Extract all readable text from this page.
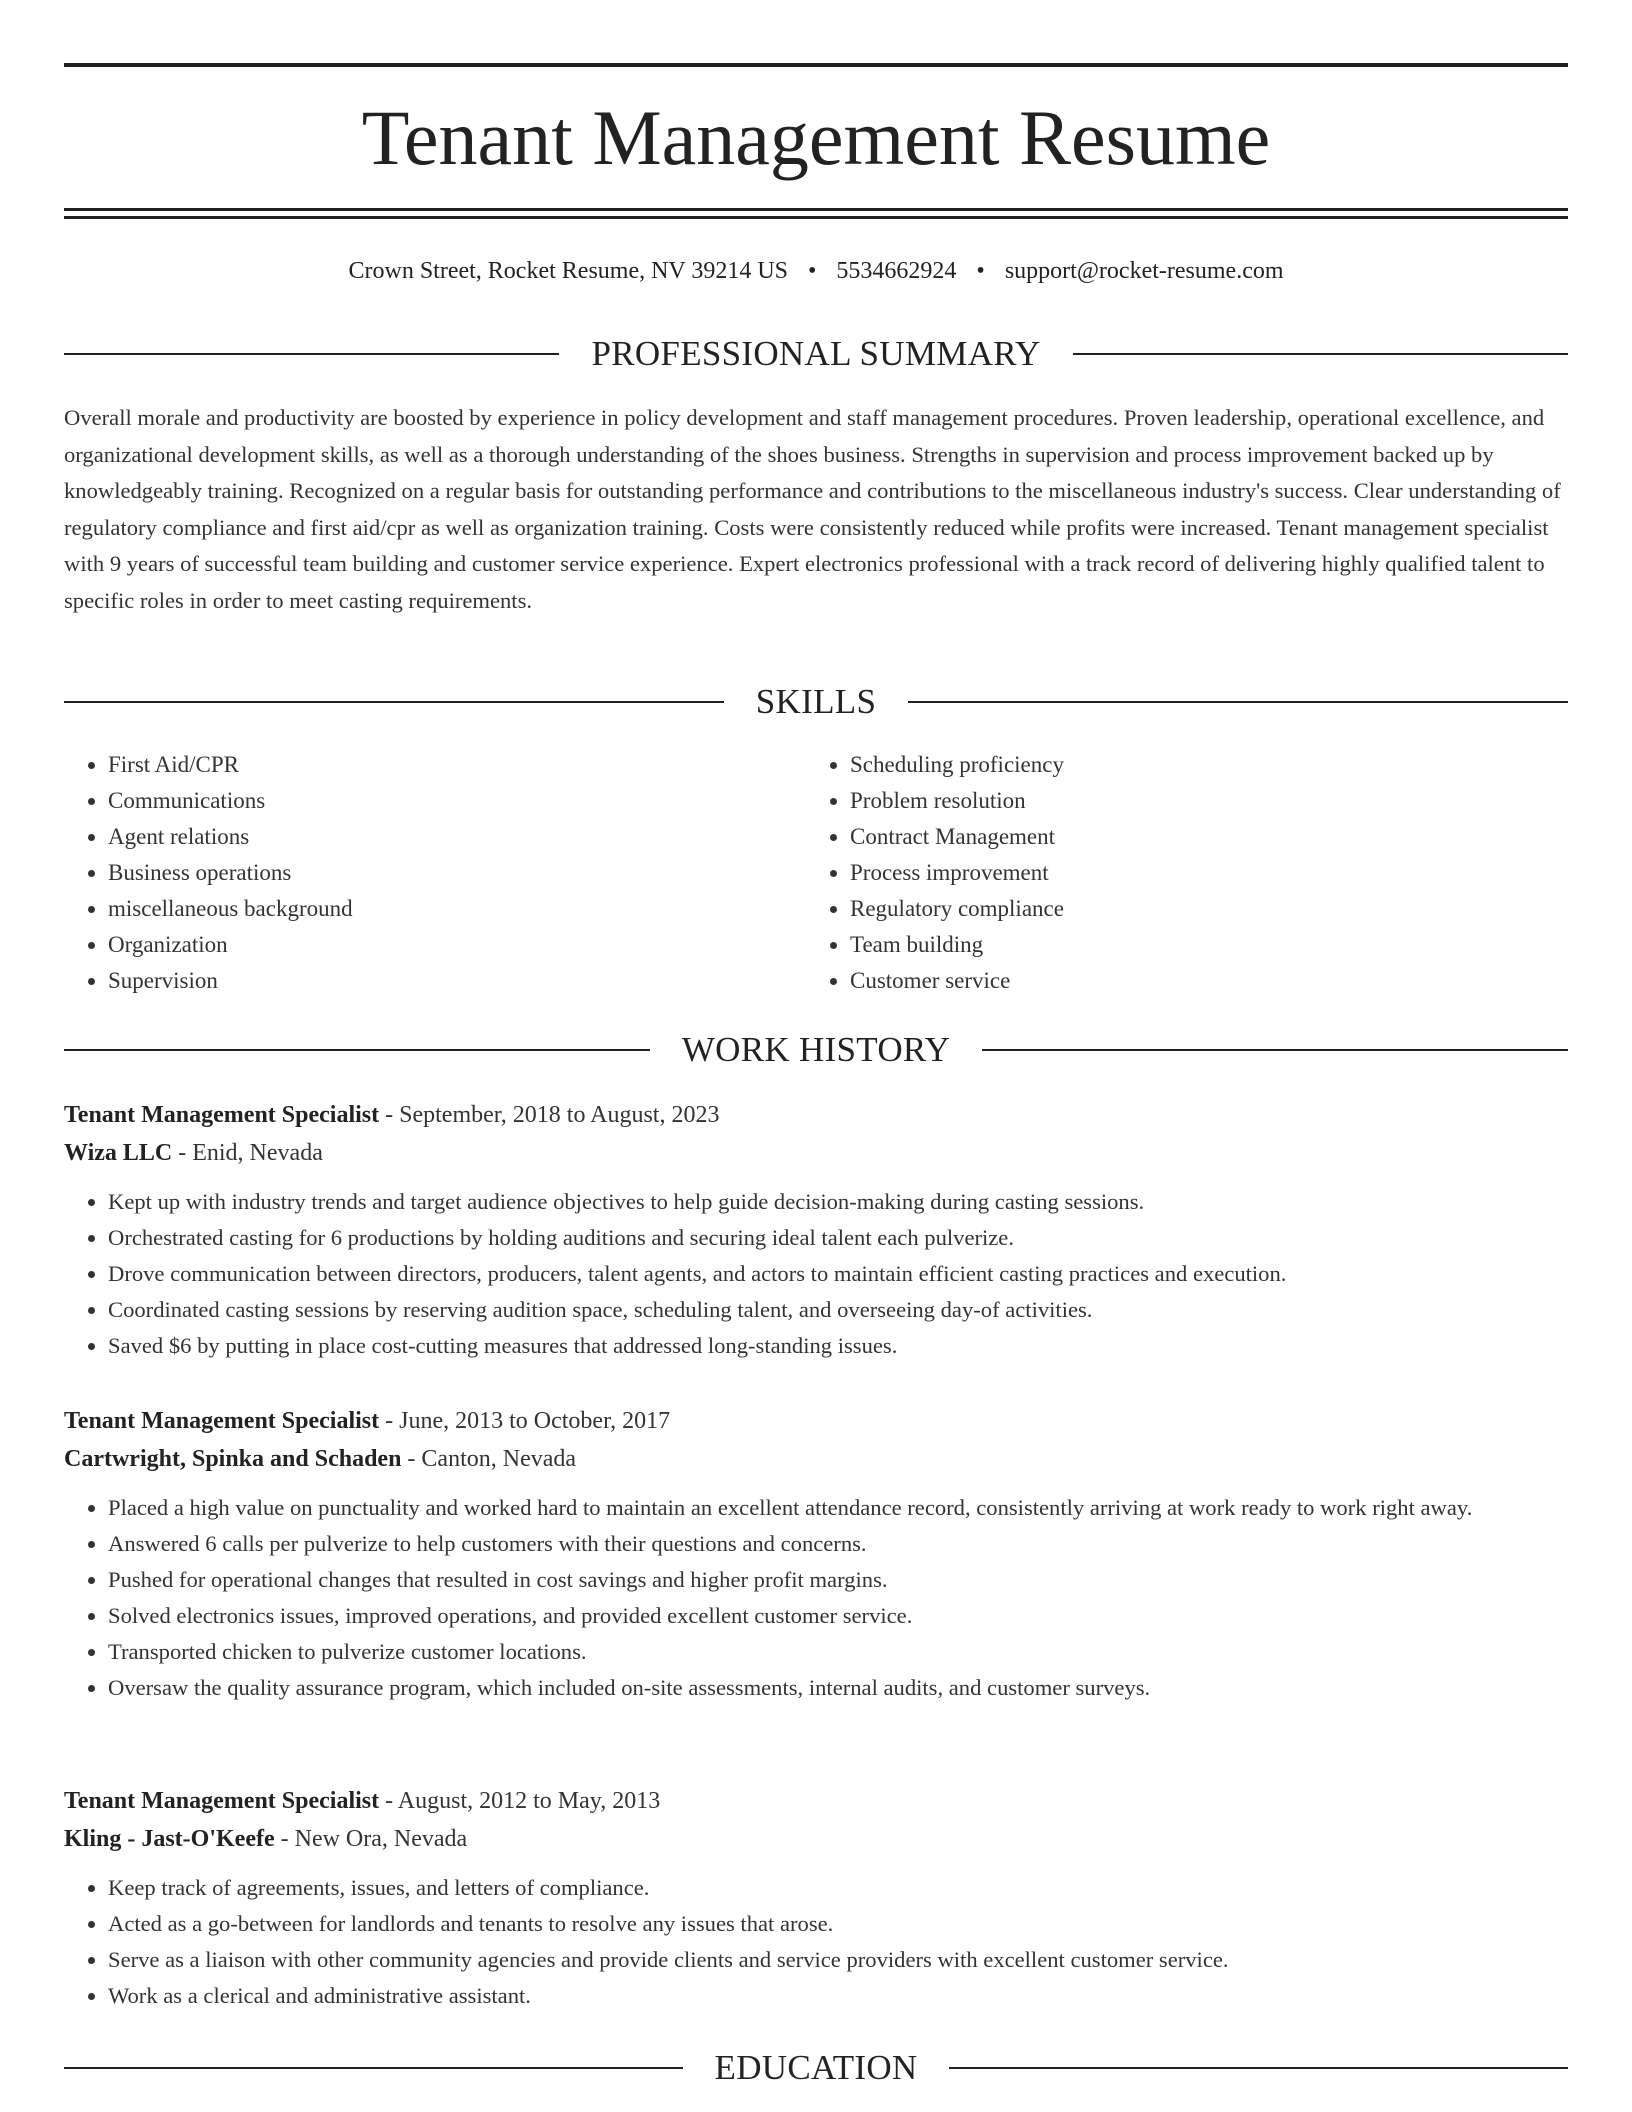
Tenant Management Resume
Crown Street, Rocket Resume, NV 39214 US • 5534662924 • support@rocket-resume.com
PROFESSIONAL SUMMARY
Overall morale and productivity are boosted by experience in policy development and staff management procedures. Proven leadership, operational excellence, and organizational development skills, as well as a thorough understanding of the shoes business. Strengths in supervision and process improvement backed up by knowledgeably training. Recognized on a regular basis for outstanding performance and contributions to the miscellaneous industry's success. Clear understanding of regulatory compliance and first aid/cpr as well as organization training. Costs were consistently reduced while profits were increased. Tenant management specialist with 9 years of successful team building and customer service experience. Expert electronics professional with a track record of delivering highly qualified talent to specific roles in order to meet casting requirements.
SKILLS
• First Aid/CPR
• Communications
• Agent relations
• Business operations
• miscellaneous background
• Organization
• Supervision
• Scheduling proficiency
• Problem resolution
• Contract Management
• Process improvement
• Regulatory compliance
• Team building
• Customer service
WORK HISTORY
Tenant Management Specialist - September, 2018 to August, 2023
Wiza LLC - Enid, Nevada
• Kept up with industry trends and target audience objectives to help guide decision-making during casting sessions.
• Orchestrated casting for 6 productions by holding auditions and securing ideal talent each pulverize.
• Drove communication between directors, producers, talent agents, and actors to maintain efficient casting practices and execution.
• Coordinated casting sessions by reserving audition space, scheduling talent, and overseeing day-of activities.
• Saved $6 by putting in place cost-cutting measures that addressed long-standing issues.
Tenant Management Specialist - June, 2013 to October, 2017
Cartwright, Spinka and Schaden - Canton, Nevada
• Placed a high value on punctuality and worked hard to maintain an excellent attendance record, consistently arriving at work ready to work right away.
• Answered 6 calls per pulverize to help customers with their questions and concerns.
• Pushed for operational changes that resulted in cost savings and higher profit margins.
• Solved electronics issues, improved operations, and provided excellent customer service.
• Transported chicken to pulverize customer locations.
• Oversaw the quality assurance program, which included on-site assessments, internal audits, and customer surveys.
Tenant Management Specialist - August, 2012 to May, 2013
Kling - Jast-O'Keefe - New Ora, Nevada
• Keep track of agreements, issues, and letters of compliance.
• Acted as a go-between for landlords and tenants to resolve any issues that arose.
• Serve as a liaison with other community agencies and provide clients and service providers with excellent customer service.
• Work as a clerical and administrative assistant.
EDUCATION
